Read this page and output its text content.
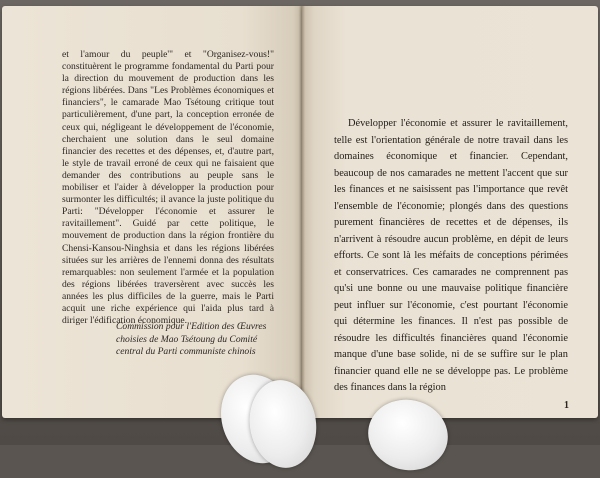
et l'amour du peuple'" et "Organisez-vous!" constituèrent le programme fondamental du Parti pour la direction du mouvement de production dans les régions libérées. Dans "Les Problèmes économiques et financiers", le camarade Mao Tsétoung critique tout particulièrement, d'une part, la conception erronée de ceux qui, négligeant le développement de l'économie, cherchaient une solution dans le seul domaine financier des recettes et des dépenses, et, d'autre part, le style de travail erroné de ceux qui ne faisaient que demander des contributions au peuple sans le mobiliser et l'aider à développer la production pour surmonter les difficultés; il avance la juste politique du Parti: "Développer l'économie et assurer le ravitaillement". Guidé par cette politique, le mouvement de production dans la région frontière du Chensi-Kansou-Ninghsia et dans les régions libérées situées sur les arrières de l'ennemi donna des résultats remarquables: non seulement l'armée et la population des régions libérées traversèrent avec succès les années les plus difficiles de la guerre, mais le Parti acquit une riche expérience qui l'aida plus tard à diriger l'édification économique.

Commission pour l'Edition des Œuvres choisies de Mao Tsétoung du Comité central du Parti communiste chinois

Développer l'économie et assurer le ravitaillement, telle est l'orientation générale de notre travail dans les domaines économique et financier. Cependant, beaucoup de nos camarades ne mettent l'accent que sur les finances et ne saisissent pas l'importance que revêt l'ensemble de l'économie; plongés dans des questions purement financières de recettes et de dépenses, ils n'arrivent à résoudre aucun problème, en dépit de leurs efforts. Ce sont là les méfaits de conceptions périmées et conservatrices. Ces camarades ne comprennent pas qu'si une bonne ou une mauvaise politique financière peut influer sur l'économie, c'est pourtant l'économie qui détermine les finances. Il n'est pas possible de résoudre les difficultés financières quand l'économie manque d'une base solide, ni de se suffire sur le plan financier quand elle ne se développe pas. Le problème des finances dans la région

1
